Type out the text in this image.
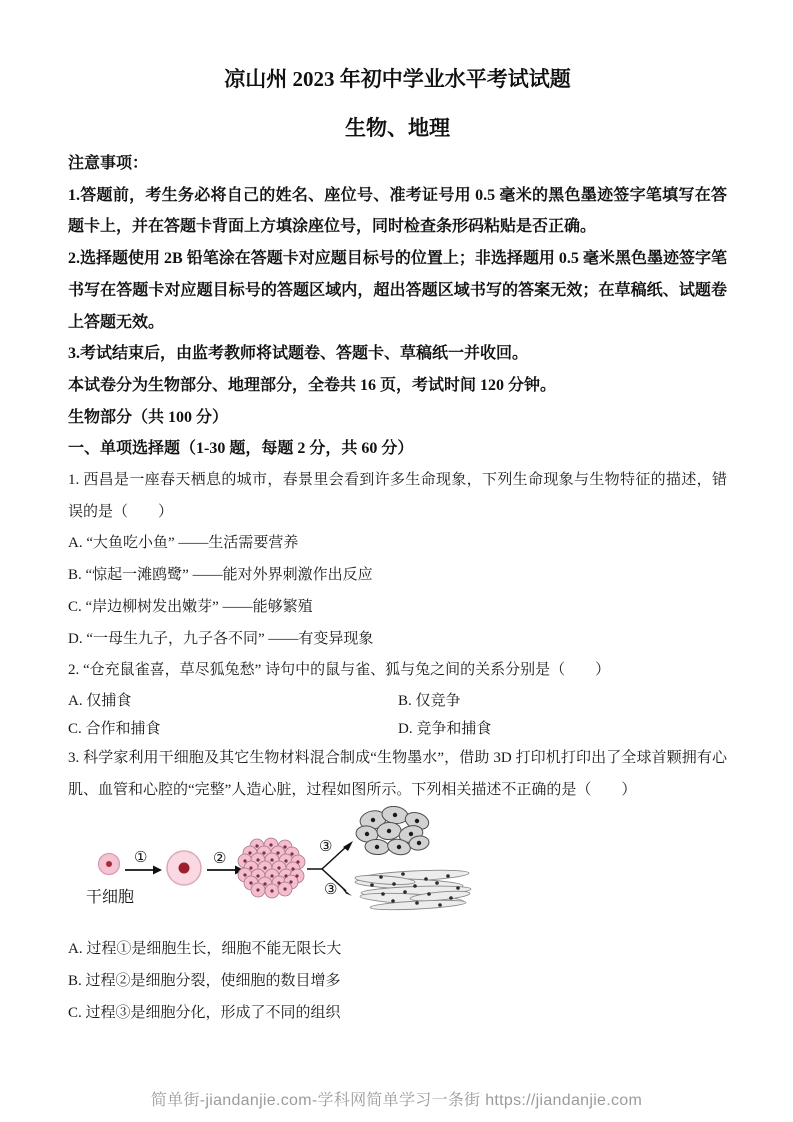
凉山州 2023 年初中学业水平考试试题
生物、地理

注意事项：

1.答题前，考生务必将自己的姓名、座位号、准考证号用 0.5 毫米的黑色墨迹签字笔填写在答题卡上，并在答题卡背面上方填涂座位号，同时检查条形码粘贴是否正确。

2.选择题使用 2B 铅笔涂在答题卡对应题目标号的位置上；非选择题用 0.5 毫米黑色墨迹签字笔书写在答题卡对应题目标号的答题区域内，超出答题区域书写的答案无效；在草稿纸、试题卷上答题无效。

3.考试结束后，由监考教师将试题卷、答题卡、草稿纸一并收回。

本试卷分为生物部分、地理部分，全卷共 16 页，考试时间 120 分钟。

生物部分（共 100 分）

一、单项选择题（1-30 题，每题 2 分，共 60 分）

1. 西昌是一座春天栖息的城市，春景里会看到许多生命现象，下列生命现象与生物特征的描述，错误的是（　　）

A. “大鱼吃小鱼” ——生活需要营养

B. “惊起一滩鸥鹭” ——能对外界刺激作出反应

C. “岸边柳树发出嫩芽” ——能够繁殖

D. “一母生九子，九子各不同” ——有变异现象

2. “仓充鼠雀喜，草尽狐兔愁” 诗句中的鼠与雀、狐与兔之间的关系分别是（　　）

A. 仅捕食	B. 仅竞争

C. 合作和捕食	D. 竞争和捕食

3. 科学家利用干细胞及其它生物材料混合制成“生物墨水”，借助 3D 打印机打印出了全球首颗拥有心肌、血管和心腔的“完整”人造心脏，过程如图所示。下列相关描述不正确的是（　　）

干细胞
①	②
③
③

A. 过程①是细胞生长，细胞不能无限长大

B. 过程②是细胞分裂，使细胞的数目增多

C. 过程③是细胞分化，形成了不同的组织

简单街-jiandanjie.com-学科网简单学习一条街 https://jiandanjie.com
